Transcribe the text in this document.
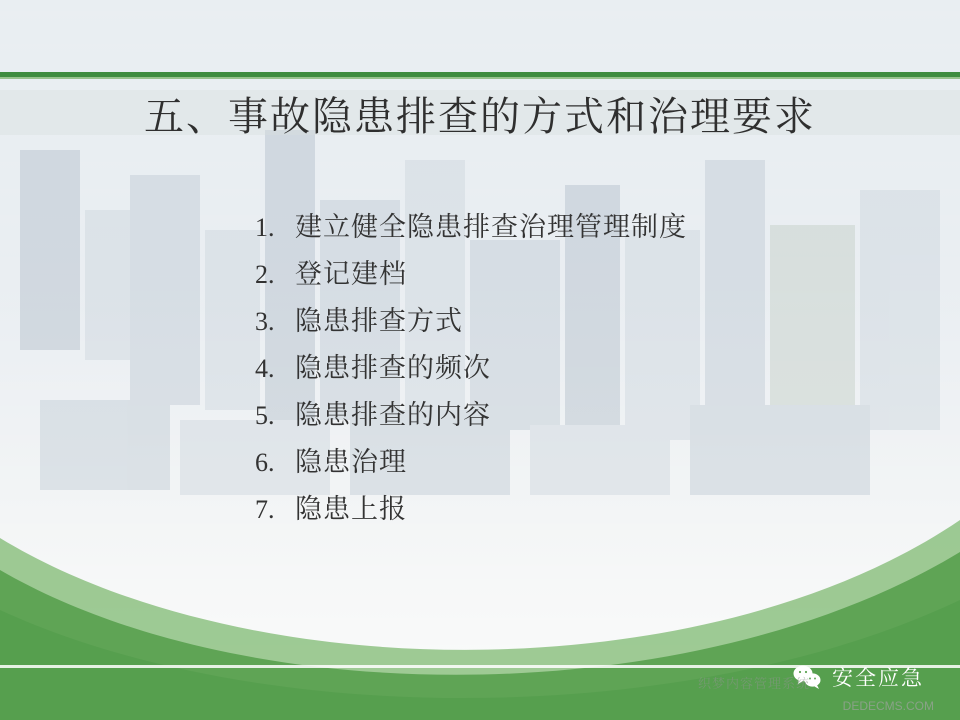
五、事故隐患排查的方式和治理要求
1. 建立健全隐患排查治理管理制度
2. 登记建档
3. 隐患排查方式
4. 隐患排查的频次
5. 隐患排查的内容
6. 隐患治理
7. 隐患上报
安全应急
织梦内容管理系统
DEDECMS.COM
